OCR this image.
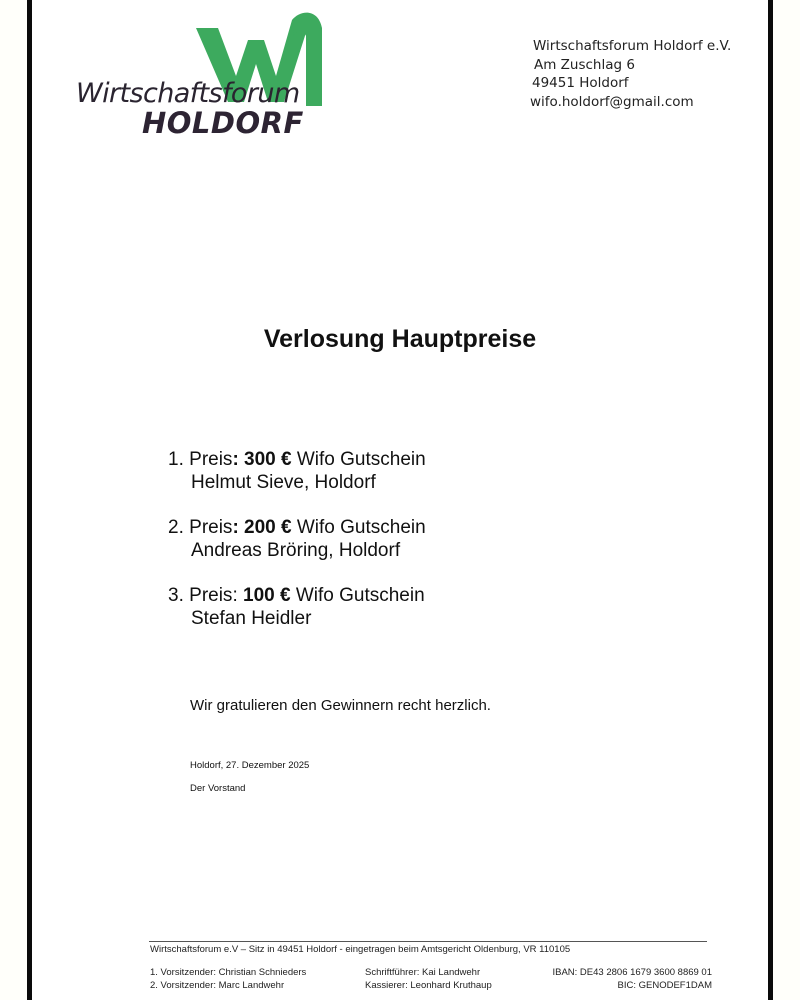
Wirtschaftsforum
HOLDORF
Wirtschaftsforum Holdorf e.V.
Am Zuschlag 6
49451 Holdorf
wifo.holdorf@gmail.com
Verlosung Hauptpreise
1. Preis: 300 € Wifo Gutschein
Helmut Sieve, Holdorf
2. Preis: 200 € Wifo Gutschein
Andreas Bröring, Holdorf
3. Preis: 100 € Wifo Gutschein
Stefan Heidler
Wir gratulieren den Gewinnern recht herzlich.
Holdorf, 27. Dezember 2025
Der Vorstand
Wirtschaftsforum e.V – Sitz in 49451 Holdorf - eingetragen beim Amtsgericht Oldenburg, VR 110105
1. Vorsitzender: Christian Schnieders
2. Vorsitzender: Marc Landwehr
Schriftführer: Kai Landwehr
Kassierer: Leonhard Kruthaup
IBAN: DE43 2806 1679 3600 8869 01
BIC: GENODEF1DAM
